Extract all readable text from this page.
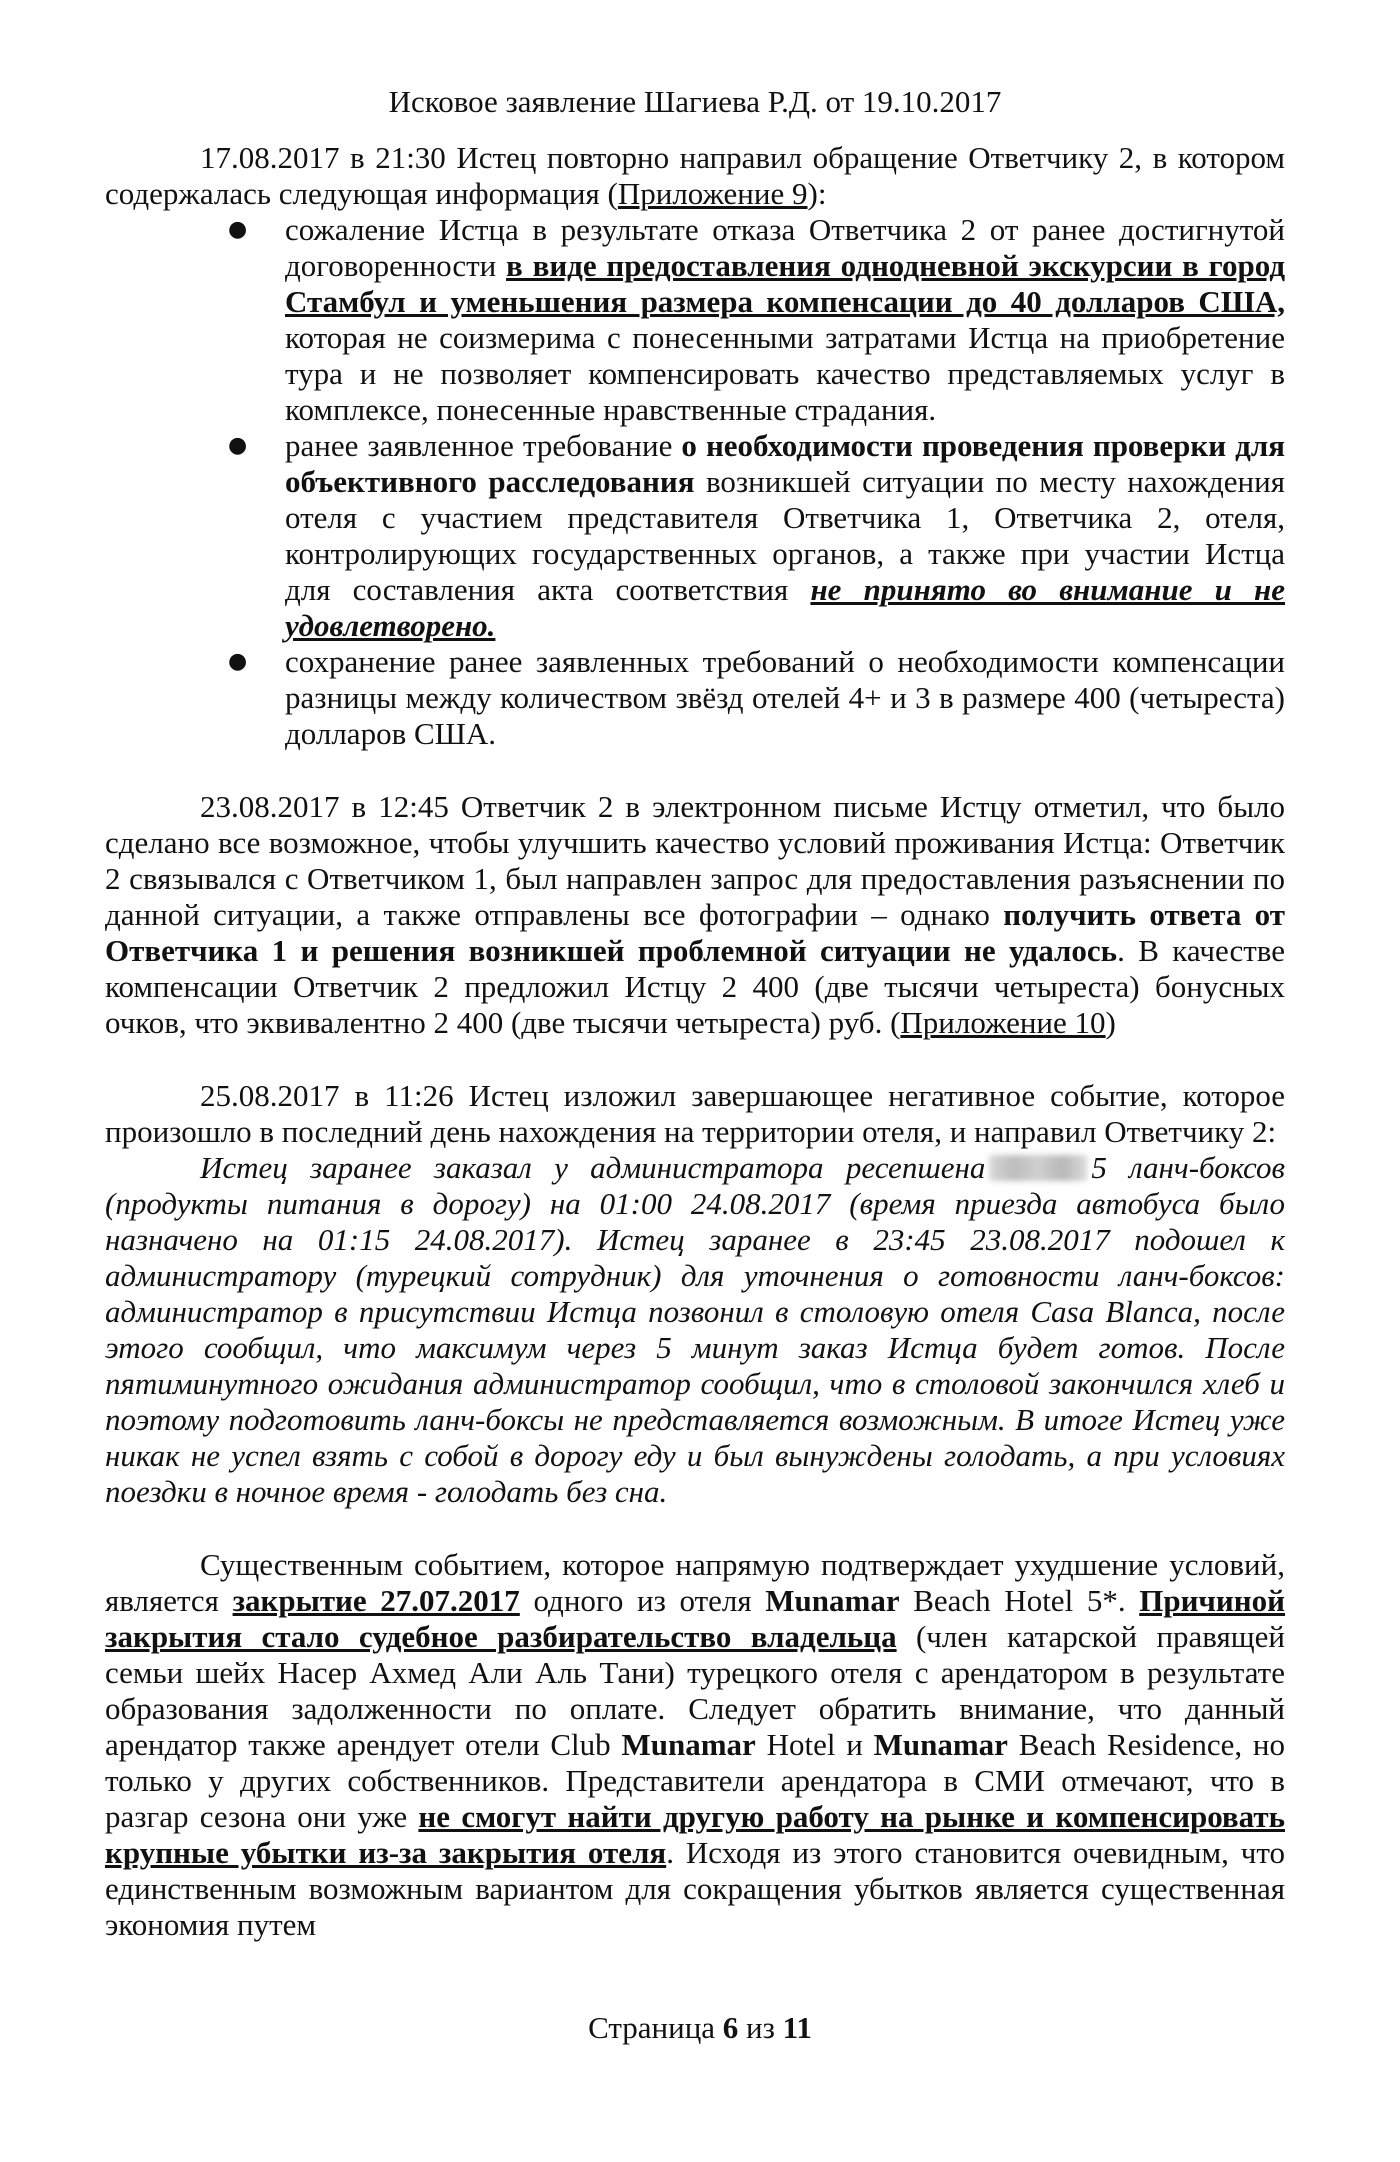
Исковое заявление Шагиева Р.Д. от 19.10.2017

17.08.2017 в 21:30 Истец повторно направил обращение Ответчику 2, в котором содержалась следующая информация (Приложение 9):

● сожаление Истца в результате отказа Ответчика 2 от ранее достигнутой договоренности в виде предоставления однодневной экскурсии в город Стамбул и уменьшения размера компенсации до 40 долларов США, которая не соизмерима с понесенными затратами Истца на приобретение тура и не позволяет компенсировать качество представляемых услуг в комплексе, понесенные нравственные страдания.
● ранее заявленное требование о необходимости проведения проверки для объективного расследования возникшей ситуации по месту нахождения отеля с участием представителя Ответчика 1, Ответчика 2, отеля, контролирующих государственных органов, а также при участии Истца для составления акта соответствия не принято во внимание и не удовлетворено.
● сохранение ранее заявленных требований о необходимости компенсации разницы между количеством звёзд отелей 4+ и 3 в размере 400 (четыреста) долларов США.

23.08.2017 в 12:45 Ответчик 2 в электронном письме Истцу отметил, что было сделано все возможное, чтобы улучшить качество условий проживания Истца: Ответчик 2 связывался с Ответчиком 1, был направлен запрос для предоставления разъяснении по данной ситуации, а также отправлены все фотографии – однако получить ответа от Ответчика 1 и решения возникшей проблемной ситуации не удалось. В качестве компенсации Ответчик 2 предложил Истцу 2 400 (две тысячи четыреста) бонусных очков, что эквивалентно 2 400 (две тысячи четыреста) руб. (Приложение 10)

25.08.2017 в 11:26 Истец изложил завершающее негативное событие, которое произошло в последний день нахождения на территории отеля, и направил Ответчику 2:

Истец заранее заказал у администратора ресепшена	5 ланч-боксов (продукты питания в дорогу) на 01:00 24.08.2017 (время приезда автобуса было назначено на 01:15 24.08.2017). Истец заранее в 23:45 23.08.2017 подошел к администратору (турецкий сотрудник) для уточнения о готовности ланч-боксов: администратор в присутствии Истца позвонил в столовую отеля Casa Blanca, после этого сообщил, что максимум через 5 минут заказ Истца будет готов. После пятиминутного ожидания администратор сообщил, что в столовой закончился хлеб и поэтому подготовить ланч-боксы не представляется возможным. В итоге Истец уже никак не успел взять с собой в дорогу еду и был вынуждены голодать, а при условиях поездки в ночное время - голодать без сна.

Существенным событием, которое напрямую подтверждает ухудшение условий, является закрытие 27.07.2017 одного из отеля Munamar Beach Hotel 5*. Причиной закрытия стало судебное разбирательство владельца (член катарской правящей семьи шейх Насер Ахмед Али Аль Тани) турецкого отеля с арендатором в результате образования задолженности по оплате. Следует обратить внимание, что данный арендатор также арендует отели Club Munamar Hotel и Munamar Beach Residence, но только у других собственников. Представители арендатора в СМИ отмечают, что в разгар сезона они уже не смогут найти другую работу на рынке и компенсировать крупные убытки из-за закрытия отеля. Исходя из этого становится очевидным, что единственным возможным вариантом для сокращения убытков является существенная экономия путем

Страница 6 из 11
